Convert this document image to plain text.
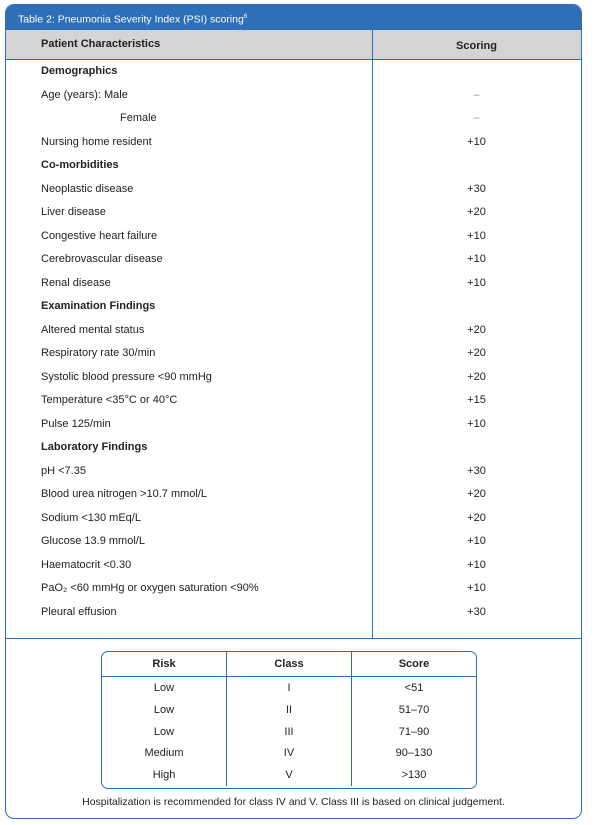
Table 2: Pneumonia Severity Index (PSI) scoring$^6$
Patient Characteristics	Scoring
Demographics
Age (years): Male	–
Female	–
Nursing home resident	+10
Co-morbidities
Neoplastic disease	+30
Liver disease	+20
Congestive heart failure	+10
Cerebrovascular disease	+10
Renal disease	+10
Examination Findings
Altered mental status	+20
Respiratory rate 30/min	+20
Systolic blood pressure <90 mmHg	+20
Temperature <35°C or 40°C	+15
Pulse 125/min	+10
Laboratory Findings
pH <7.35	+30
Blood urea nitrogen >10.7 mmol/L	+20
Sodium <130 mEq/L	+20
Glucose 13.9 mmol/L	+10
Haematocrit <0.30	+10
PaO₂ <60 mmHg or oxygen saturation <90%	+10
Pleural effusion	+30
Risk	Class	Score
Low	I	<51
Low	II	51–70
Low	III	71–90
Medium	IV	90–130
High	V	>130
Hospitalization is recommended for class IV and V. Class III is based on clinical judgement.
